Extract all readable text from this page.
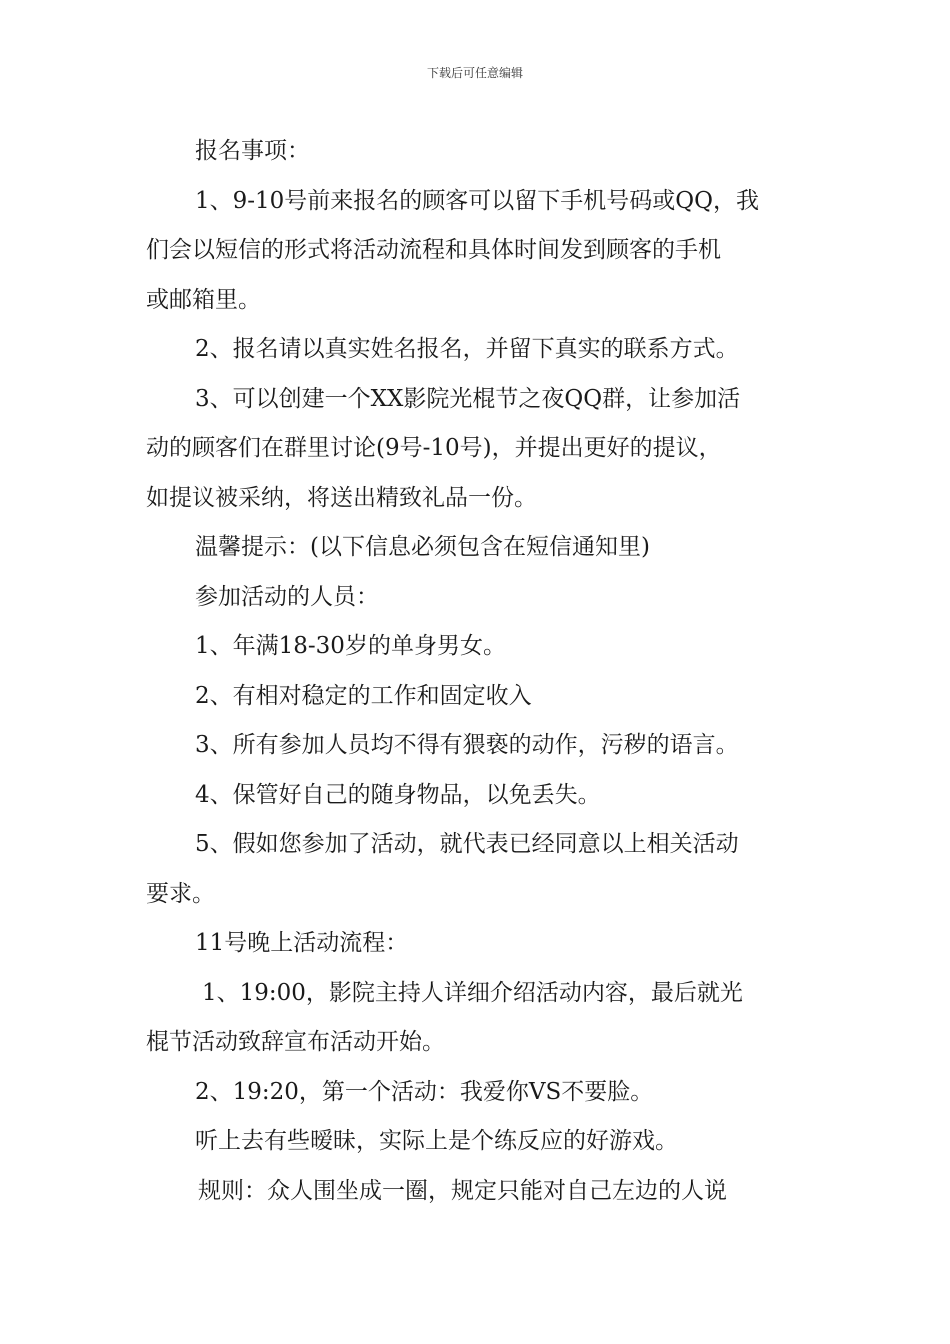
下载后可任意编辑

报名事项：

1、9-10号前来报名的顾客可以留下手机号码或QQ，我

们会以短信的形式将活动流程和具体时间发到顾客的手机

或邮箱里。

2、报名请以真实姓名报名，并留下真实的联系方式。

3、可以创建一个XX影院光棍节之夜QQ群，让参加活

动的顾客们在群里讨论(9号-10号)，并提出更好的提议，

如提议被采纳，将送出精致礼品一份。

温馨提示：(以下信息必须包含在短信通知里)

参加活动的人员：

1、年满18-30岁的单身男女。

2、有相对稳定的工作和固定收入

3、所有参加人员均不得有猥亵的动作，污秽的语言。

4、保管好自己的随身物品，以免丢失。

5、假如您参加了活动，就代表已经同意以上相关活动

要求。

11号晚上活动流程：

1、19:00，影院主持人详细介绍活动内容，最后就光

棍节活动致辞宣布活动开始。

2、19:20，第一个活动：我爱你VS不要脸。

听上去有些暧昧，实际上是个练反应的好游戏。

规则：众人围坐成一圈，规定只能对自己左边的人说
